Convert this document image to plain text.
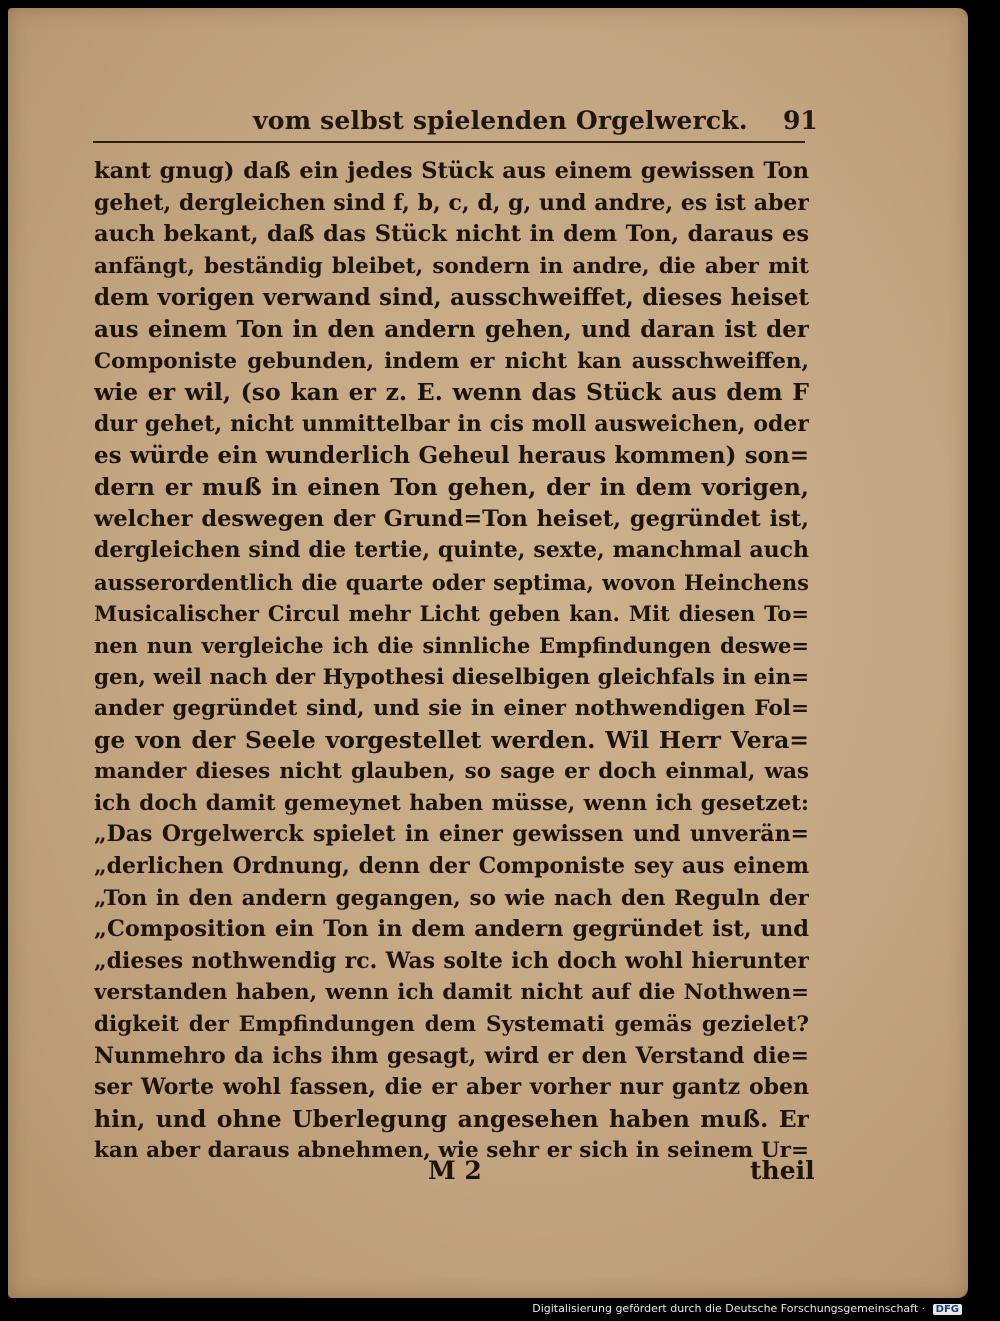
vom selbst spielenden Orgelwerck. 91
kant gnug) daß ein jedes Stück aus einem gewissen Ton
gehet, dergleichen sind f, b, c, d, g, und andre, es ist aber
auch bekant, daß das Stück nicht in dem Ton, daraus es
anfängt, beständig bleibet, sondern in andre, die aber mit
dem vorigen verwand sind, ausschweiffet, dieses heiset
aus einem Ton in den andern gehen, und daran ist der
Componiste gebunden, indem er nicht kan ausschweiffen,
wie er wil, (so kan er z. E. wenn das Stück aus dem F
dur gehet, nicht unmittelbar in cis moll ausweichen, oder
es würde ein wunderlich Geheul heraus kommen) son=
dern er muß in einen Ton gehen, der in dem vorigen,
welcher deswegen der Grund=Ton heiset, gegründet ist,
dergleichen sind die tertie, quinte, sexte, manchmal auch
ausserordentlich die quarte oder septima, wovon Heinchens
Musicalischer Circul mehr Licht geben kan. Mit diesen To=
nen nun vergleiche ich die sinnliche Empfindungen deswe=
gen, weil nach der Hypothesi dieselbigen gleichfals in ein=
ander gegründet sind, und sie in einer nothwendigen Fol=
ge von der Seele vorgestellet werden. Wil Herr Vera=
mander dieses nicht glauben, so sage er doch einmal, was
ich doch damit gemeynet haben müsse, wenn ich gesetzet:
„Das Orgelwerck spielet in einer gewissen und unverän=
„derlichen Ordnung, denn der Componiste sey aus einem
„Ton in den andern gegangen, so wie nach den Reguln der
„Composition ein Ton in dem andern gegründet ist, und
„dieses nothwendig rc. Was solte ich doch wohl hierunter
verstanden haben, wenn ich damit nicht auf die Nothwen=
digkeit der Empfindungen dem Systemati gemäs gezielet?
Nunmehro da ichs ihm gesagt, wird er den Verstand die=
ser Worte wohl fassen, die er aber vorher nur gantz oben
hin, und ohne Uberlegung angesehen haben muß. Er
kan aber daraus abnehmen, wie sehr er sich in seinem Ur=
M 2	theil
Digitalisierung gefördert durch die Deutsche Forschungsgemeinschaft · DFG
